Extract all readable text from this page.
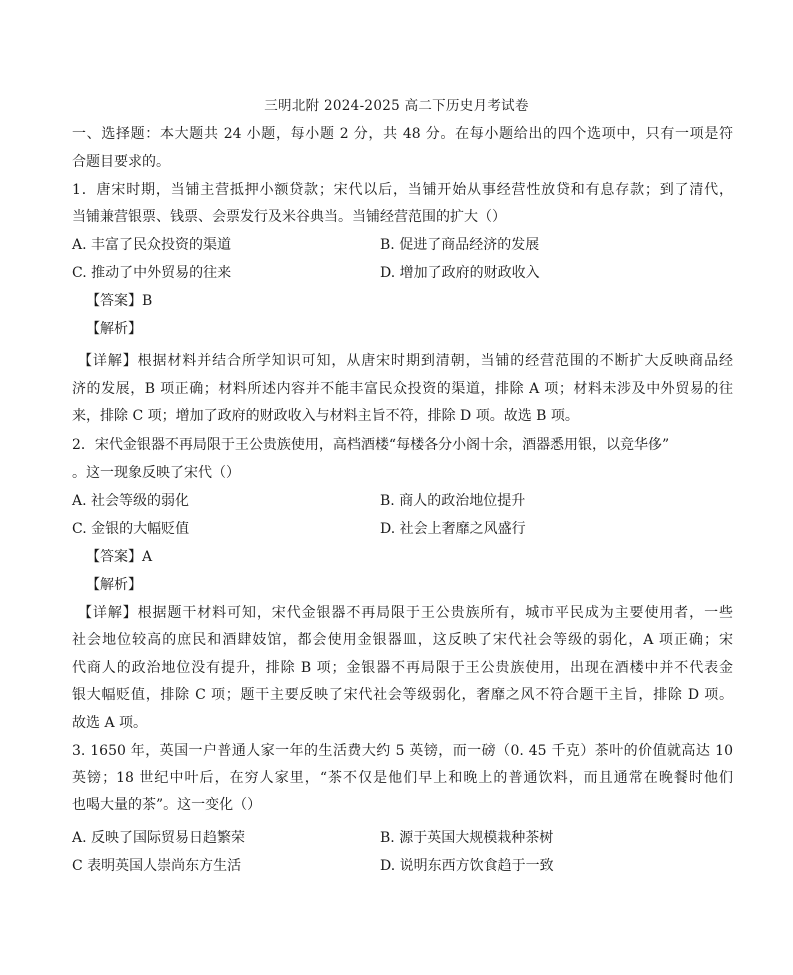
三明北附 2024-2025 高二下历史月考试卷
一、选择题：本大题共 24 小题，每小题 2 分，共 48 分。在每小题给出的四个选项中，只有一项是符
合题目要求的。
1．唐宋时期，当铺主营抵押小额贷款；宋代以后，当铺开始从事经营性放贷和有息存款；到了清代，
当铺兼营银票、钱票、会票发行及米谷典当。当铺经营范围的扩大（）
A. 丰富了民众投资的渠道	B. 促进了商品经济的发展
C. 推动了中外贸易的往来	D. 增加了政府的财政收入
【答案】B
【解析】
【详解】根据材料并结合所学知识可知，从唐宋时期到清朝，当铺的经营范围的不断扩大反映商品经
济的发展，B 项正确；材料所述内容并不能丰富民众投资的渠道，排除 A 项；材料未涉及中外贸易的往
来，排除 C 项；增加了政府的财政收入与材料主旨不符，排除 D 项。故选 B 项。
2．宋代金银器不再局限于王公贵族使用，高档酒楼“每楼各分小阁十余，酒器悉用银，以竞华侈”
。这一现象反映了宋代（）
A. 社会等级的弱化	B. 商人的政治地位提升
C. 金银的大幅贬值	D. 社会上奢靡之风盛行
【答案】A
【解析】
【详解】根据题干材料可知，宋代金银器不再局限于王公贵族所有，城市平民成为主要使用者，一些
社会地位较高的庶民和酒肆妓馆，都会使用金银器皿，这反映了宋代社会等级的弱化，A 项正确；宋
代商人的政治地位没有提升，排除 B 项；金银器不再局限于王公贵族使用，出现在酒楼中并不代表金
银大幅贬值，排除 C 项；题干主要反映了宋代社会等级弱化，奢靡之风不符合题干主旨，排除 D 项。
故选 A 项。
3. 1650 年，英国一户普通人家一年的生活费大约 5 英镑，而一磅（0. 45 千克）茶叶的价值就高达 10
英镑；18 世纪中叶后，在穷人家里，“茶不仅是他们早上和晚上的普通饮料，而且通常在晚餐时他们
也喝大量的茶”。这一变化（）
A. 反映了国际贸易日趋繁荣	B. 源于英国大规模栽种茶树
C 表明英国人崇尚东方生活	D. 说明东西方饮食趋于一致
